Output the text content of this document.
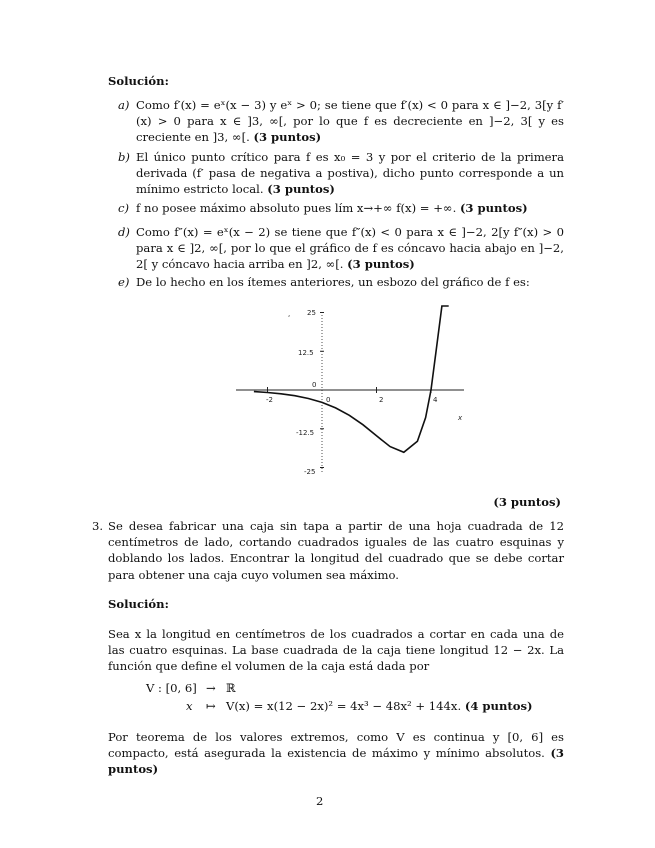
Solución:
a) Como f′(x) = eˣ(x − 3) y eˣ > 0; se tiene que f′(x) < 0 para x ∈ ]−2, 3[y f′(x) > 0 para x ∈ ]3, ∞[, por lo que f es decreciente en ]−2, 3[ y es creciente en ]3, ∞[. (3 puntos)
b) El único punto crítico para f es x₀ = 3 y por el criterio de la primera derivada (f′ pasa de negativa a postiva), dicho punto corresponde a un mínimo estricto local. (3 puntos)
c) f no posee máximo absoluto pues lím x→+∞ f(x) = +∞. (3 puntos)
d) Como f″(x) = eˣ(x − 2) se tiene que f″(x) < 0 para x ∈ ]−2, 2[y f″(x) > 0 para x ∈ ]2, ∞[, por lo que el gráfico de f es cóncavo hacia abajo en ]−2, 2[ y cóncavo hacia arriba en ]2, ∞[. (3 puntos)
e) De lo hecho en los ítemes anteriores, un esbozo del gráfico de f es:
25
12.5
0
-12.5
-25
-2	0	2	4
x
,
(3 puntos)
3. Se desea fabricar una caja sin tapa a partir de una hoja cuadrada de 12 centímetros de lado, cortando cuadrados iguales de las cuatro esquinas y doblando los lados. Encontrar la longitud del cuadrado que se debe cortar para obtener una caja cuyo volumen sea máximo.
Solución:
Sea x la longitud en centímetros de los cuadrados a cortar en cada una de las cuatro esquinas. La base cuadrada de la caja tiene longitud 12 − 2x. La función que define el volumen de la caja está dada por
V : [0, 6] → ℝ
x ↦ V(x) = x(12 − 2x)² = 4x³ − 48x² + 144x. (4 puntos)
Por teorema de los valores extremos, como V es continua y [0, 6] es compacto, está asegurada la existencia de máximo y mínimo absolutos. (3 puntos)
2
